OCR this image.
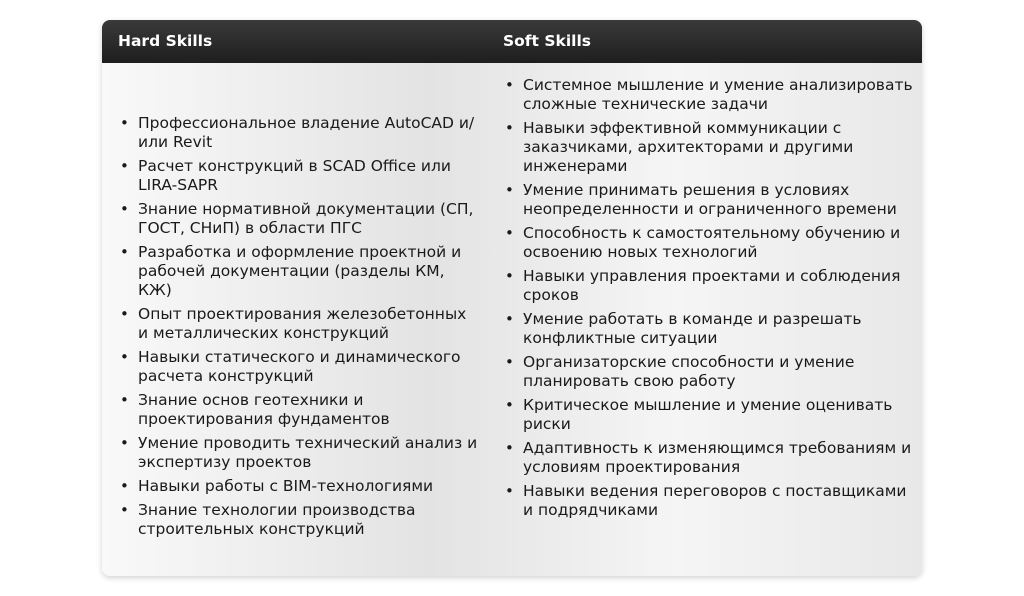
Hard Skills	Soft Skills
• Профессиональное владение AutoCAD и/или Revit
• Расчет конструкций в SCAD Office или LIRA-SAPR
• Знание нормативной документации (СП, ГОСТ, СНиП) в области ПГС
• Разработка и оформление проектной и рабочей документации (разделы КМ, КЖ)
• Опыт проектирования железобетонных и металлических конструкций
• Навыки статического и динамического расчета конструкций
• Знание основ геотехники и проектирования фундаментов
• Умение проводить технический анализ и экспертизу проектов
• Навыки работы с BIM-технологиями
• Знание технологии производства строительных конструкций
• Системное мышление и умение анализировать сложные технические задачи
• Навыки эффективной коммуникации с заказчиками, архитекторами и другими инженерами
• Умение принимать решения в условиях неопределенности и ограниченного времени
• Способность к самостоятельному обучению и освоению новых технологий
• Навыки управления проектами и соблюдения сроков
• Умение работать в команде и разрешать конфликтные ситуации
• Организаторские способности и умение планировать свою работу
• Критическое мышление и умение оценивать риски
• Адаптивность к изменяющимся требованиям и условиям проектирования
• Навыки ведения переговоров с поставщиками и подрядчиками
